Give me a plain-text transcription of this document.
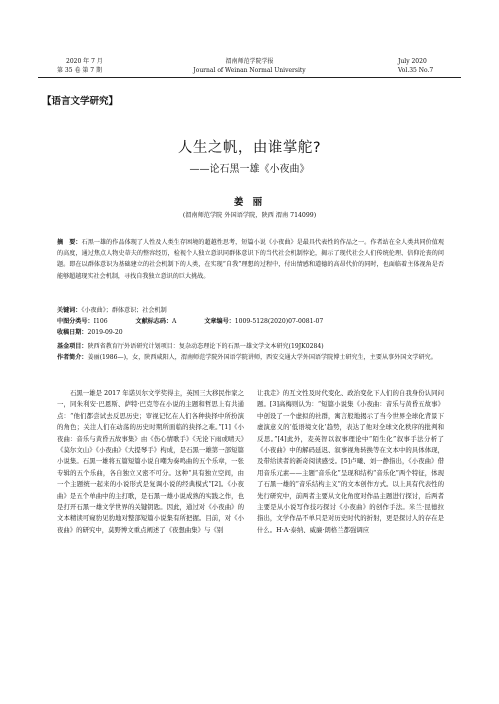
2020 年 7 月
第 35 卷 第 7 期
渭南师范学院学报
Journal of Weinan Normal University
July 2020
Vol.35 No.7
【语言文学研究】
人生之帆，由谁掌舵?
——论石黑一雄《小夜曲》
姜 丽
(渭南师范学院 外国语学院，陕西 渭南 714099)
摘　要：石黑一雄的作品体现了人性及人类生存困境的超越性思考，短篇小说《小夜曲》是最具代表性的作品之一。作者站在全人类共同价值观的高度，通过焦点人物史蒂夫的整容经历，检视个人独立意识同群体意识下的当代社会机制悖论，揭示了现代社会人们传统伦理、信仰沦丧的问题。即在以群体意识为基础建立的社会机制下的人类，在实现“自我”理想的过程中，付出情感和道德的高昂代价的同时，也面临着主体视角是否能够超越现实社会机制，寻找自我独立意识的巨大挑战。
关键词：《小夜曲》；群体意识；社会机制
中图分类号：I106	文献标志码：A	文章编号：1009-5128(2020)07-0081-07
收稿日期：2019-09-20
基金项目：陕西省教育厅外语研究计划项目：复杂动态理论下的石黑一雄文学文本研究(19JK0284)
作者简介：姜丽(1986—)，女，陕西咸阳人，渭南师范学院外国语学院讲师，西安交通大学外国语学院博士研究生，主要从事外国文学研究。

石黑一雄是 2017 年诺贝尔文学奖得主，英国三大移民作家之一，同朱利安·巴恩斯、萨特·巴克等在小说的主题和哲思上有共通点：“他们都尝试去反思历史；审视记忆在人们各种抉择中所扮演的角色；关注人们在动荡的历史时期所面临的抉择之难。”[1]《小夜曲：音乐与黄昏五故事集》由《伤心情歌手》《无论下雨或晴天》《莫尔文山》《小夜曲》《大提琴手》构成，是石黑一雄第一部短篇小说集。石黑一雄将五篇短篇小说自嘲为奏鸣曲的五个乐章，一张专辑的五个乐曲，各自独立又密不可分。这种“具有独立空间，由一个主题统一起来的小说形式是复调小说的经典模式”[2]。《小夜曲》是五个单曲中的主打歌，是石黑一雄小说成熟的实践之作，也是打开石黑一雄文学世界的关键钥匙。因此，通过对《小夜曲》的文本精读可窥豹见豹地对整部短篇小说集有所把握。目前，对《小夜曲》的研究中，莫野博文重点阐述了《夜想曲集》与《别

让我走》的互文性及时代变化、政治变化下人们的自我身份认同问题。[3]高梅则认为：“短篇小说集《小夜曲：音乐与黄昏五故事》中创设了一个虚拟的社群，寓言般地揭示了当今世界全球化背景下虚演意义的‘低语境文化’趋势，表达了他对全球文化秩序的批判和反思。”[4]此外，麦英智以叙事理论中“陌生化”叙事手法分析了《小夜曲》中的解码延迟、叙事视角转换等在文本中的具体体现，及带给读者的新奇阅读感受。[5]卢曦、刘一静指出，《小夜曲》借用音乐元素——主题“音乐化”呈现和结构“音乐化”两个特征，体现了石黑一雄的“音乐结构主义”的文本创作方式。以上具有代表性的先行研究中，前两者主要从文化角度对作品主题进行探讨，后两者主要是从小说写作技巧探讨《小夜曲》的创作手法。米兰·昆德拉指出，文学作品不单只是对历史时代的折射，更是探讨人的存在是什么。H·A·泰纳、威廉·朗格兰都强调应
